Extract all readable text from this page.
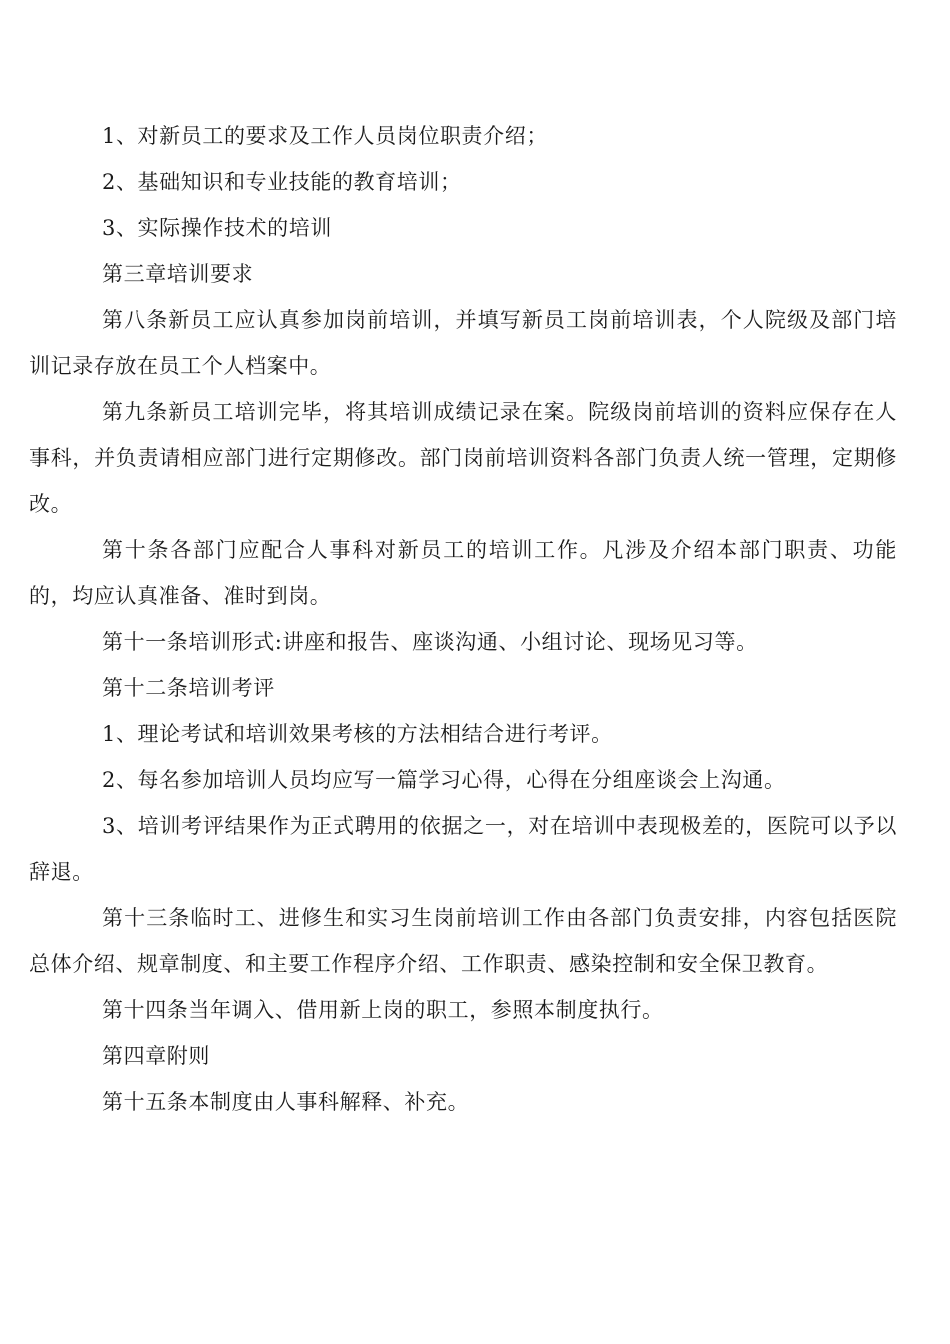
1、对新员工的要求及工作人员岗位职责介绍；

2、基础知识和专业技能的教育培训；

3、实际操作技术的培训

第三章培训要求

第八条新员工应认真参加岗前培训，并填写新员工岗前培训表，个人院级及部门培训记录存放在员工个人档案中。

第九条新员工培训完毕，将其培训成绩记录在案。院级岗前培训的资料应保存在人事科，并负责请相应部门进行定期修改。部门岗前培训资料各部门负责人统一管理，定期修改。

第十条各部门应配合人事科对新员工的培训工作。凡涉及介绍本部门职责、功能的，均应认真准备、准时到岗。

第十一条培训形式:讲座和报告、座谈沟通、小组讨论、现场见习等。

第十二条培训考评

1、理论考试和培训效果考核的方法相结合进行考评。

2、每名参加培训人员均应写一篇学习心得，心得在分组座谈会上沟通。

3、培训考评结果作为正式聘用的依据之一，对在培训中表现极差的，医院可以予以辞退。

第十三条临时工、进修生和实习生岗前培训工作由各部门负责安排，内容包括医院总体介绍、规章制度、和主要工作程序介绍、工作职责、感染控制和安全保卫教育。

第十四条当年调入、借用新上岗的职工，参照本制度执行。

第四章附则

第十五条本制度由人事科解释、补充。
